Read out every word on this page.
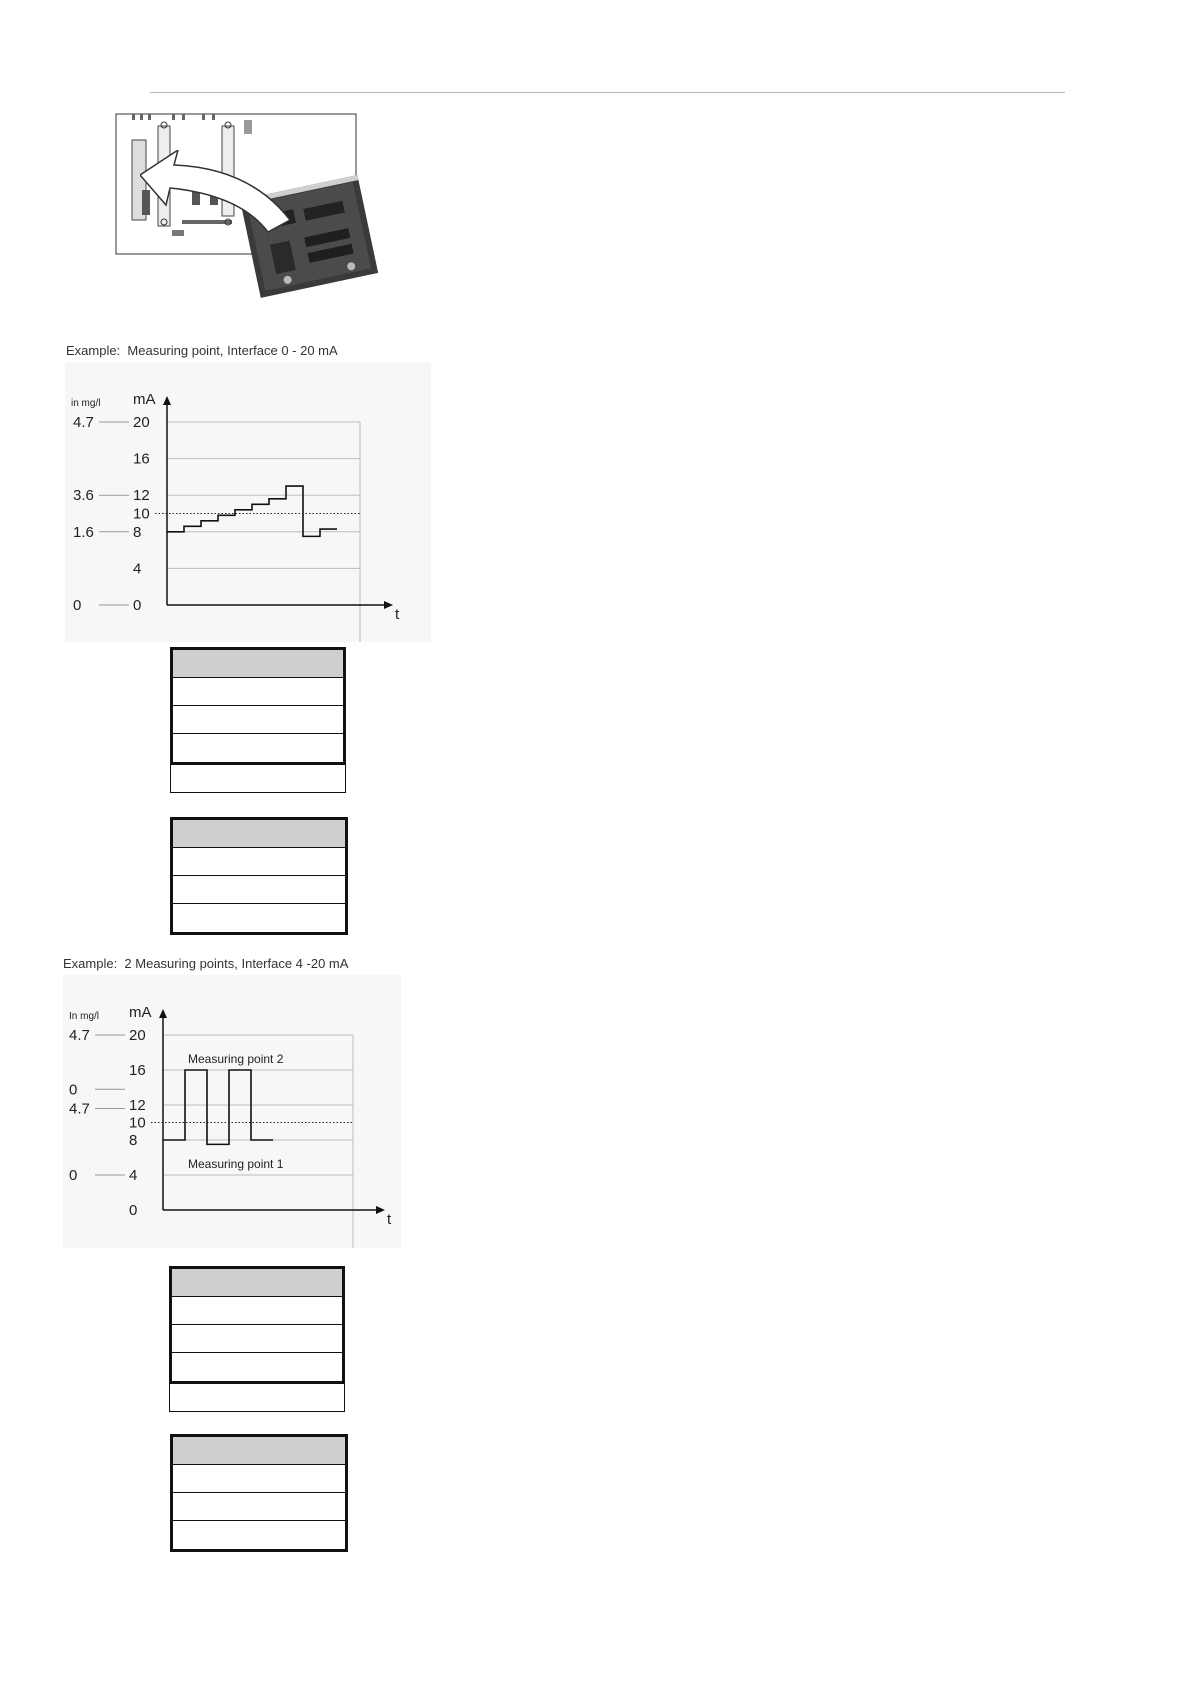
Example:  Measuring point, Interface 0 - 20 mA
mA
in mg/l
t
20
16
12
10
8
4
0
4.7
3.6
1.6
0
Example:  2 Measuring points, Interface 4 -20 mA
mA
In mg/l
t
20
16
12
10
8
4
0
4.7
0
4.7
0
Measuring point 2
Measuring point 1
